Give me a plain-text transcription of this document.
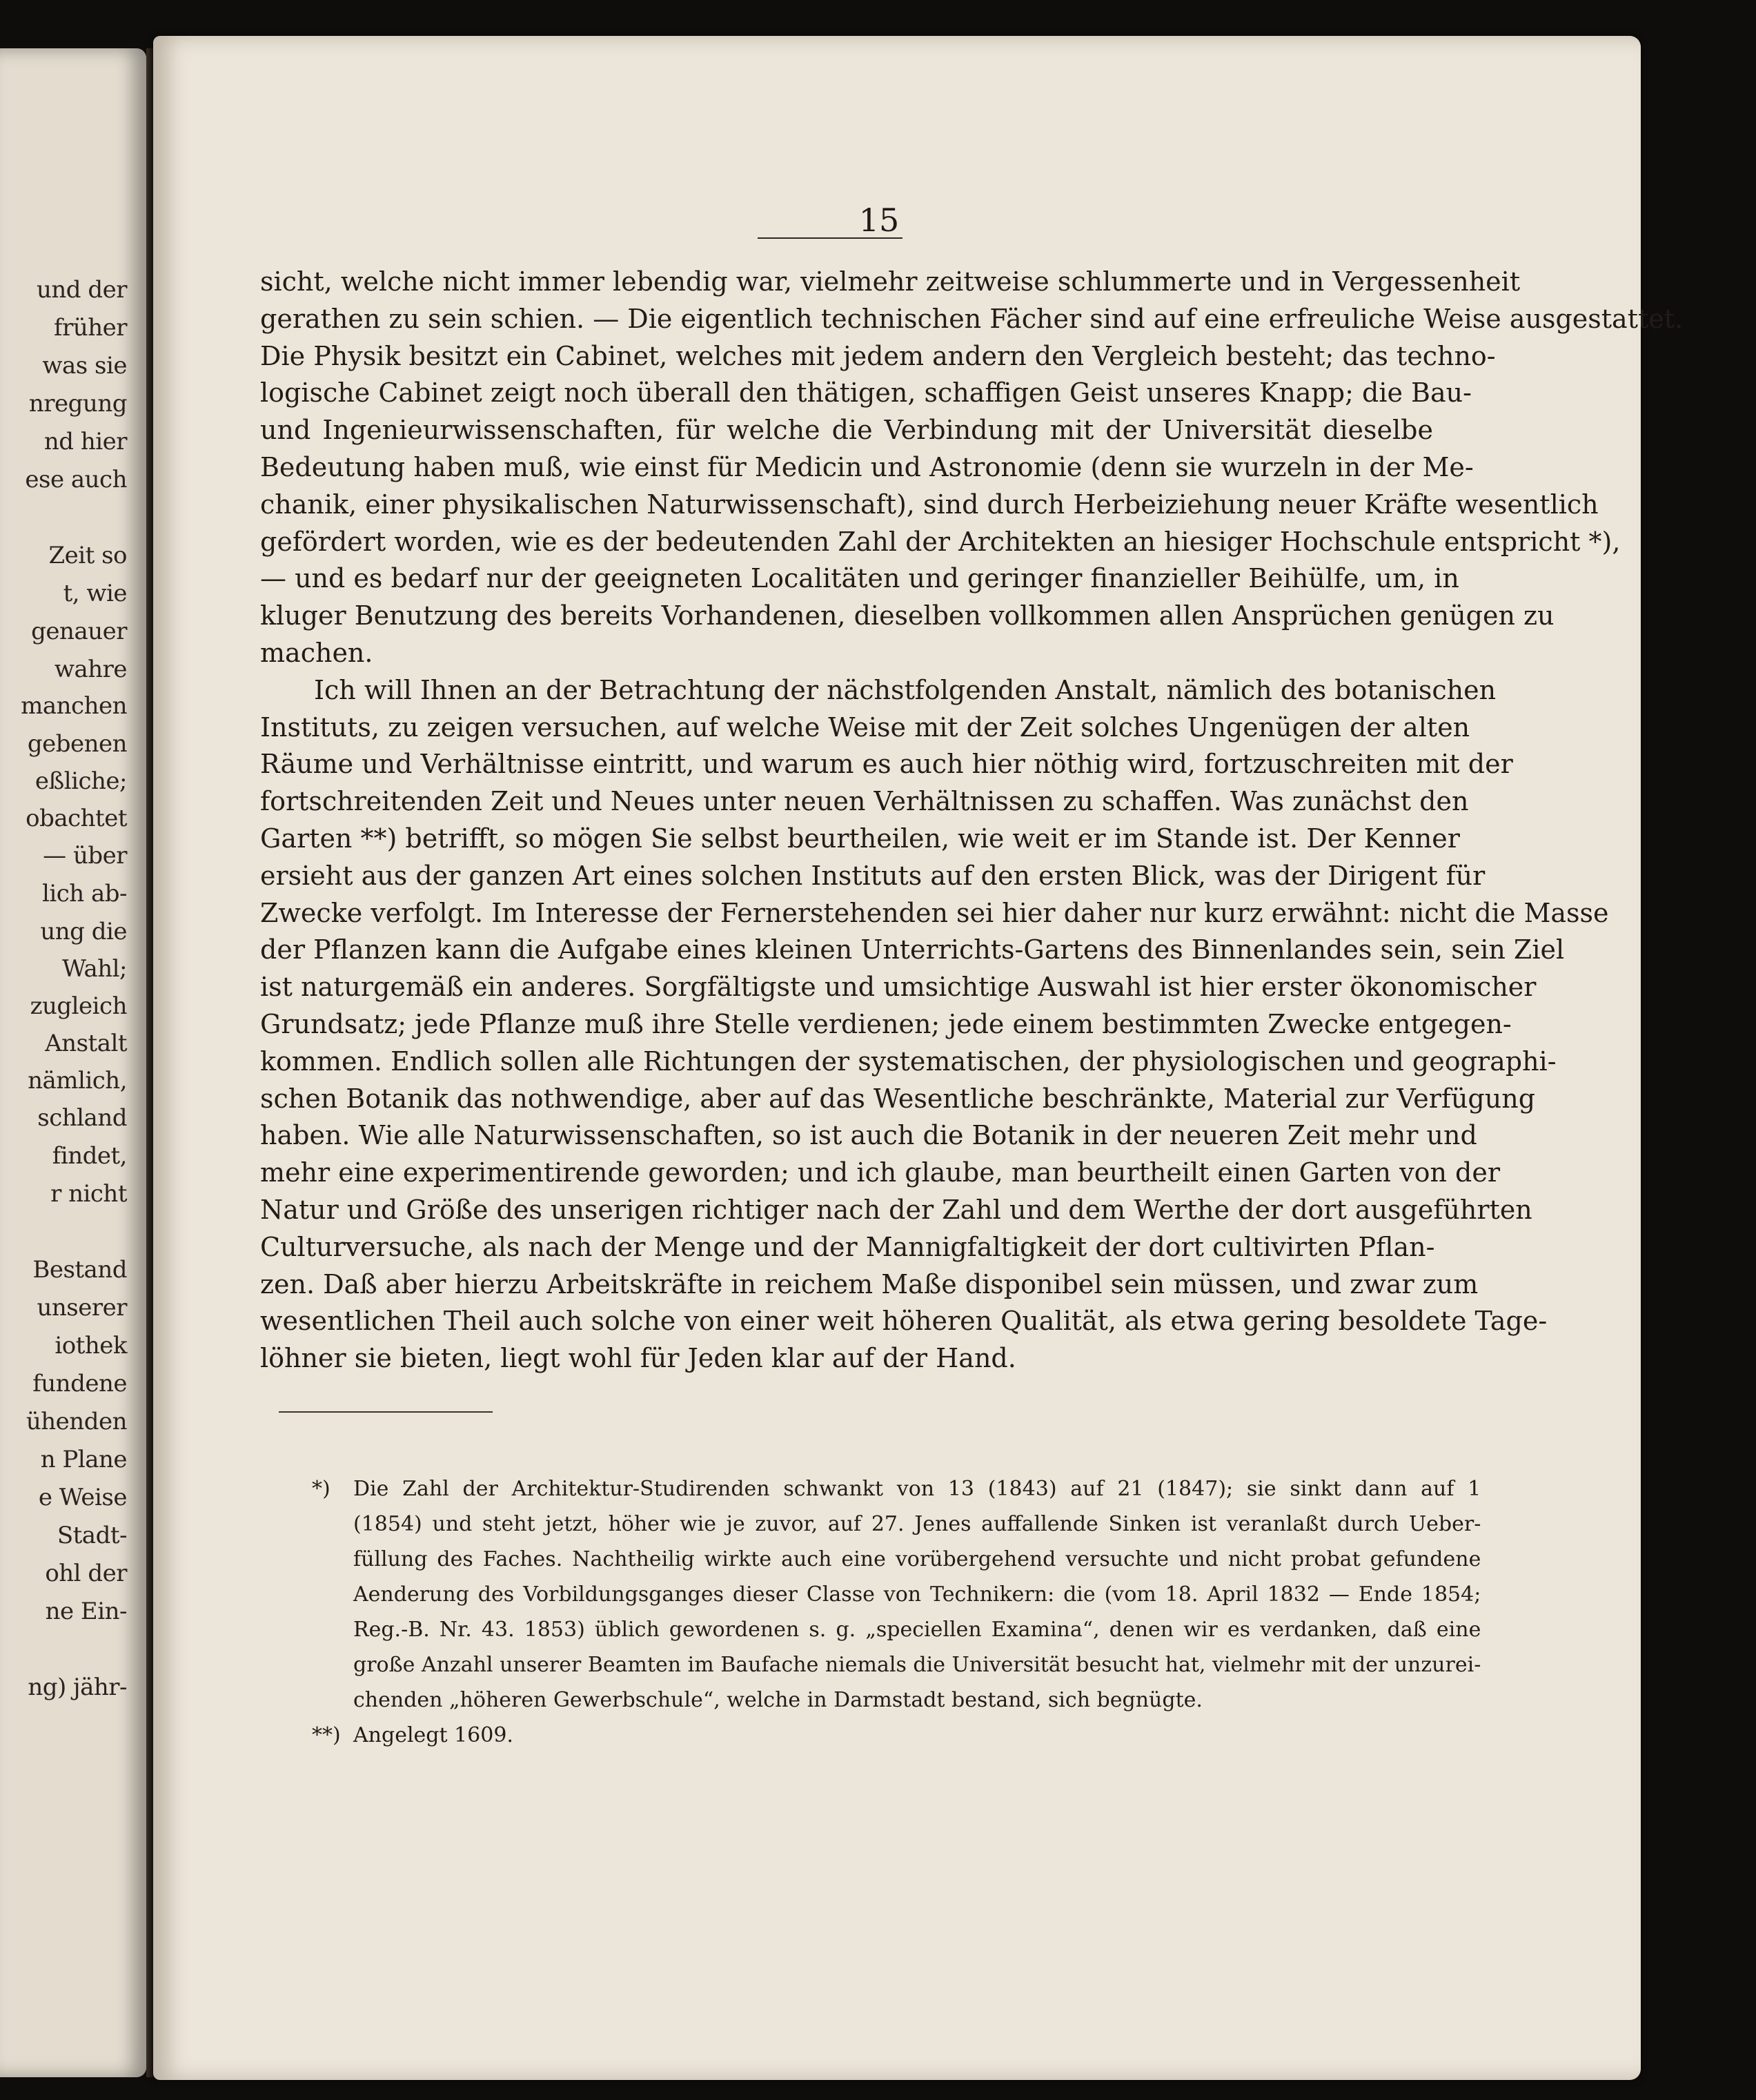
und der
früher
was sie
nregung
nd hier
ese auch
Zeit so
t, wie
genauer
wahre
manchen
gebenen
eßliche;
obachtet
— über
lich ab-
ung die
Wahl;
zugleich
Anstalt
nämlich,
schland
findet,
r nicht
Bestand
unserer
iothek
fundene
ühenden
n Plane
e Weise
Stadt-
ohl der
ne Ein-
ng) jähr-
15
sicht, welche nicht immer lebendig war, vielmehr zeitweise schlummerte und in Vergessenheit
gerathen zu sein schien. — Die eigentlich technischen Fächer sind auf eine erfreuliche Weise ausgestattet.
Die Physik besitzt ein Cabinet, welches mit jedem andern den Vergleich besteht; das techno-
logische Cabinet zeigt noch überall den thätigen, schaffigen Geist unseres Knapp; die Bau-
und Ingenieurwissenschaften, für welche die Verbindung mit der Universität dieselbe
Bedeutung haben muß, wie einst für Medicin und Astronomie (denn sie wurzeln in der Me-
chanik, einer physikalischen Naturwissenschaft), sind durch Herbeiziehung neuer Kräfte wesentlich
gefördert worden, wie es der bedeutenden Zahl der Architekten an hiesiger Hochschule entspricht *),
— und es bedarf nur der geeigneten Localitäten und geringer finanzieller Beihülfe, um, in
kluger Benutzung des bereits Vorhandenen, dieselben vollkommen allen Ansprüchen genügen zu
machen.
Ich will Ihnen an der Betrachtung der nächstfolgenden Anstalt, nämlich des botanischen
Instituts, zu zeigen versuchen, auf welche Weise mit der Zeit solches Ungenügen der alten
Räume und Verhältnisse eintritt, und warum es auch hier nöthig wird, fortzuschreiten mit der
fortschreitenden Zeit und Neues unter neuen Verhältnissen zu schaffen. Was zunächst den
Garten **) betrifft, so mögen Sie selbst beurtheilen, wie weit er im Stande ist. Der Kenner
ersieht aus der ganzen Art eines solchen Instituts auf den ersten Blick, was der Dirigent für
Zwecke verfolgt. Im Interesse der Fernerstehenden sei hier daher nur kurz erwähnt: nicht die Masse
der Pflanzen kann die Aufgabe eines kleinen Unterrichts-Gartens des Binnenlandes sein, sein Ziel
ist naturgemäß ein anderes. Sorgfältigste und umsichtige Auswahl ist hier erster ökonomischer
Grundsatz; jede Pflanze muß ihre Stelle verdienen; jede einem bestimmten Zwecke entgegen-
kommen. Endlich sollen alle Richtungen der systematischen, der physiologischen und geographi-
schen Botanik das nothwendige, aber auf das Wesentliche beschränkte, Material zur Verfügung
haben. Wie alle Naturwissenschaften, so ist auch die Botanik in der neueren Zeit mehr und
mehr eine experimentirende geworden; und ich glaube, man beurtheilt einen Garten von der
Natur und Größe des unserigen richtiger nach der Zahl und dem Werthe der dort ausgeführten
Culturversuche, als nach der Menge und der Mannigfaltigkeit der dort cultivirten Pflan-
zen. Daß aber hierzu Arbeitskräfte in reichem Maße disponibel sein müssen, und zwar zum
wesentlichen Theil auch solche von einer weit höheren Qualität, als etwa gering besoldete Tage-
löhner sie bieten, liegt wohl für Jeden klar auf der Hand.
*)	Die Zahl der Architektur-Studirenden schwankt von 13 (1843) auf 21 (1847); sie sinkt dann auf 1
(1854) und steht jetzt, höher wie je zuvor, auf 27. Jenes auffallende Sinken ist veranlaßt durch Ueber-
füllung des Faches. Nachtheilig wirkte auch eine vorübergehend versuchte und nicht probat gefundene
Aenderung des Vorbildungsganges dieser Classe von Technikern: die (vom 18. April 1832 — Ende 1854;
Reg.-B. Nr. 43. 1853) üblich gewordenen s. g. „speciellen Examina“, denen wir es verdanken, daß eine
große Anzahl unserer Beamten im Baufache niemals die Universität besucht hat, vielmehr mit der unzurei-
chenden „höheren Gewerbschule“, welche in Darmstadt bestand, sich begnügte.
**) Angelegt 1609.
